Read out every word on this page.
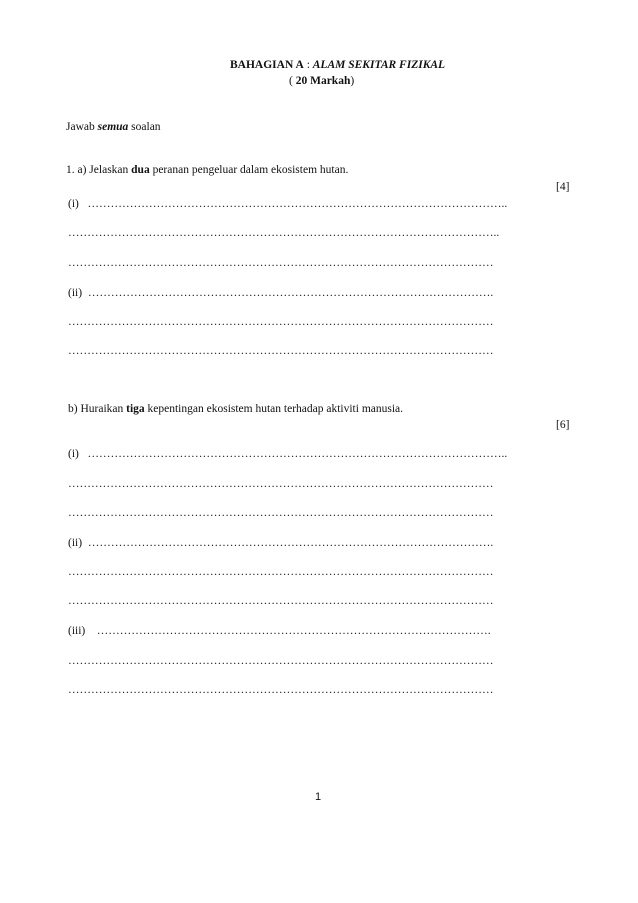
BAHAGIAN A : ALAM SEKITAR FIZIKAL
( 20 Markah)
Jawab semua soalan
1. a) Jelaskan dua peranan pengeluar dalam ekosistem hutan.
[4]
(i) ………………………………………………………………………………………………..
…………………………………………………………………………………………………..
…………………………………………………………………………………………………
(ii) …………………………………………………………………………………………….
…………………………………………………………………………………………………
…………………………………………………………………………………………………
b) Huraikan tiga kepentingan ekosistem hutan terhadap aktiviti manusia.
[6]
(i) ………………………………………………………………………………………………..
…………………………………………………………………………………………………
…………………………………………………………………………………………………
(ii) …………………………………………………………………………………………….
…………………………………………………………………………………………………
…………………………………………………………………………………………………
(iii) ………………………………………………………………………………………….
…………………………………………………………………………………………………
…………………………………………………………………………………………………
1
